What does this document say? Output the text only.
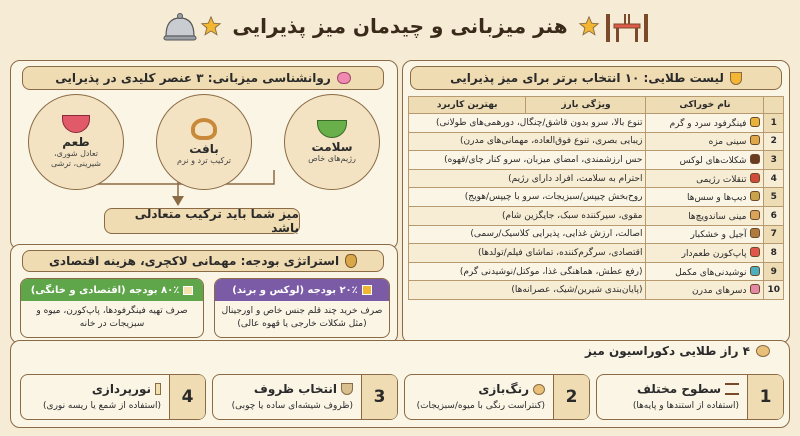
هنر میزبانی و چیدمان میز پذیرایی
روانشناسی میزبانی: ۳ عنصر کلیدی در پذیرایی
طعم
تعادل شوری، شیرینی، ترشی
بافت
ترکیب ترد و نرم
سلامت
رژیم‌های خاص
میز شما باید ترکیب متعادلی باشد
استراتژی بودجه: مهمانی لاکچری، هزینه اقتصادی
۲۰٪ بودجه (لوکس و برند)
صرف خرید چند قلم جنس خاص و اورجینال (مثل شکلات خارجی یا قهوه عالی)
۸۰٪ بودجه (اقتصادی و خانگی)
صرف تهیه فینگرفودها، پاپ‌کورن، میوه و سبزیجات در خانه
لیست طلایی: ۱۰ انتخاب برتر برای میز پذیرایی
	نام خوراکی	ویژگی بارز	بهترین کاربرد
1	فینگرفود سرد و گرم	تنوع بالا، سرو بدون قاشق/چنگال، دورهمی‌های طولانی)	
2	سینی مزه	زیبایی بصری، تنوع فوق‌العاده، مهمانی‌های مدرن)	
3	شکلات‌های لوکس	حس ارزشمندی، امضای میزبان، سرو کنار چای/قهوه)	
4	تنقلات رژیمی	احترام به سلامت، افراد دارای رژیم)	
5	دیپ‌ها و سس‌ها	روح‌بخش چیپس/سبزیجات، سرو با چیپس/هویج)	
6	مینی ساندویچ‌ها	مقوی، سیرکننده سبک، جایگزین شام)	
7	آجیل و خشکبار	اصالت، ارزش غذایی، پذیرایی کلاسیک/رسمی)	
8	پاپ‌کورن طعم‌دار	اقتصادی، سرگرم‌کننده، تماشای فیلم/تولدها)	
9	نوشیدنی‌های مکمل	(رفع عطش، هماهنگی غذا، موکتل/نوشیدنی گرم)	
10	دسرهای مدرن	(پایان‌بندی شیرین/شیک، عصرانه‌ها)	
۴ راز طلایی دکوراسیون میز
1
سطوح مختلف
(استفاده از استندها و پایه‌ها)
2
رنگ‌بازی
(کنتراست رنگی با میوه/سبزیجات)
3
انتخاب ظروف
(ظروف شیشه‌ای ساده یا چوبی)
4
نورپردازی
(استفاده از شمع یا ریسه نوری)
